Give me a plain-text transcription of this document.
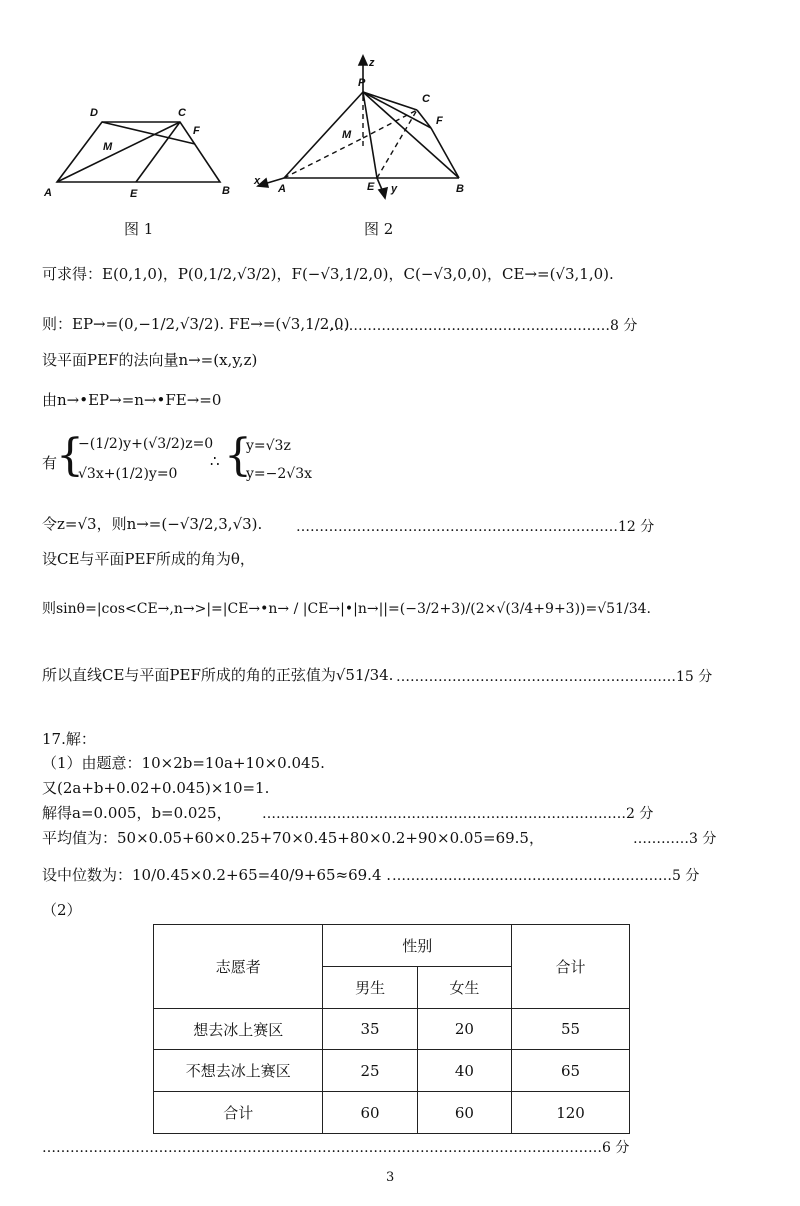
A	B
C
D
E
F
M
图 1
z
P
C
F
M
x
A	E y	B
图 2
可求得：E(0,1,0)，P(0,1/2,√3/2)，F(−√3,1/2,0)，C(−√3,0,0)，CE→=(√3,1,0).
则：EP→=(0,−1/2,√3/2). FE→=(√3,1/2,0)
……………………………………………………8 分
设平面PEF的法向量n→=(x,y,z)
由n→•EP→=n→•FE→=0
有
{
−(1/2)y+(√3/2)z=0
√3x+(1/2)y=0
∴ {
y=√3z
y=−2√3x
令z=√3，则n→=(−√3/2,3,√3). ……………………………………………………………12 分
设CE与平面PEF所成的角为θ，
则sinθ=|cos<CE→,n→>|=|CE→•n→ / |CE→|•|n→||=(−3/2+3)/(2×√(3/4+9+3))=√51/34.
所以直线CE与平面PEF所成的角的正弦值为√51/34. ……………………………………………………15 分
17.解：
（1）由题意：10×2b=10a+10×0.045.
又(2a+b+0.02+0.045)×10=1.
解得a=0.005，b=0.025， ……………………………………………………………………2 分
平均值为：50×0.05+60×0.25+70×0.45+80×0.2+90×0.05=69.5，	…………3 分
设中位数为：10/0.45×0.2+65=40/9+65≈69.4 . ……………………………………………………5 分
（2）
志愿者	性别		合计
	男生	女生	
想去冰上赛区	35	20	55
不想去冰上赛区	25	40	65
合计	60	60	120
…………………………………………………………………………………………………………6 分
3
